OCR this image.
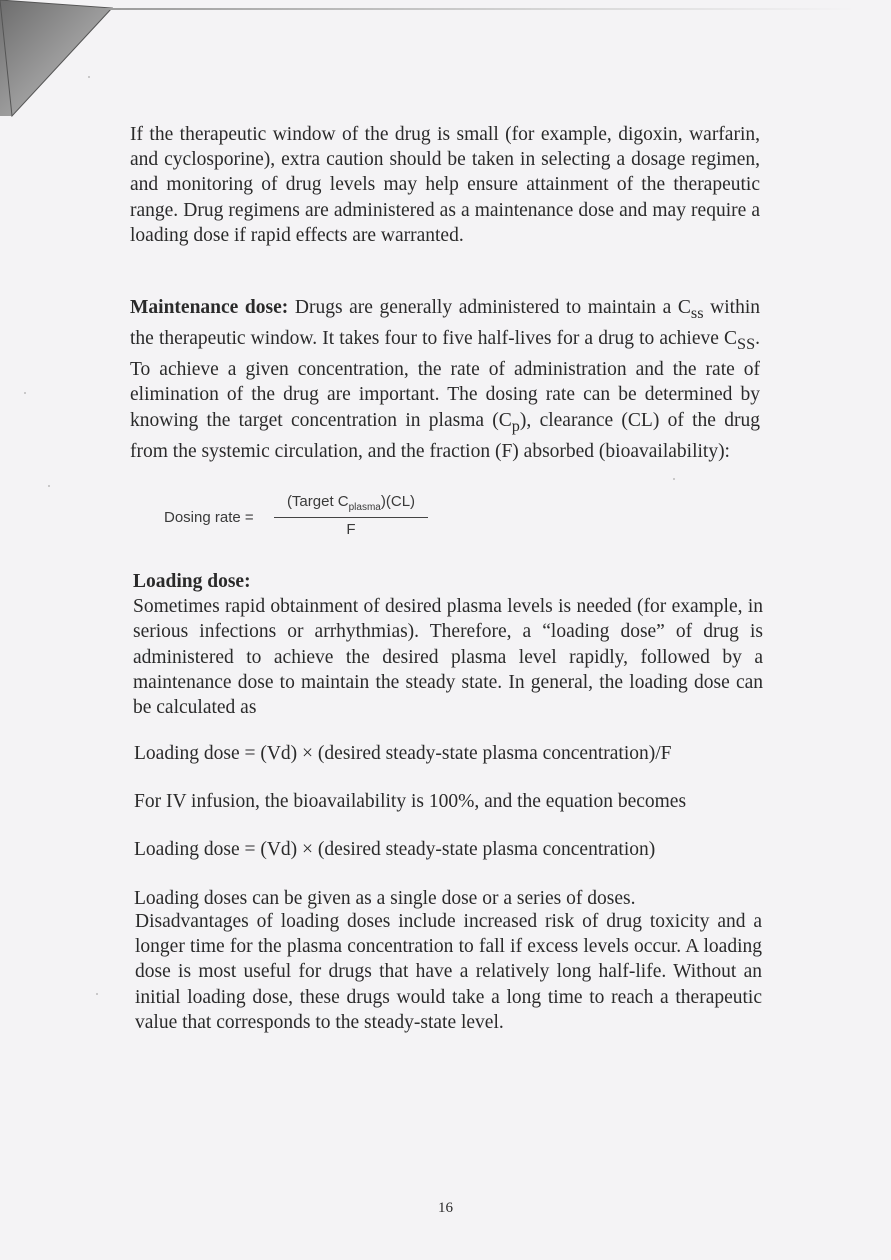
If the therapeutic window of the drug is small (for example, digoxin, warfarin, and cyclosporine), extra caution should be taken in selecting a dosage regimen, and monitoring of drug levels may help ensure attainment of the therapeutic range. Drug regimens are administered as a maintenance dose and may require a loading dose if rapid effects are warranted.

Maintenance dose: Drugs are generally administered to maintain a $C_{ss}$ within the therapeutic window. It takes four to five half-lives for a drug to achieve $C_{SS}$. To achieve a given concentration, the rate of administration and the rate of elimination of the drug are important. The dosing rate can be determined by knowing the target concentration in plasma $(C_p)$, clearance (CL) of the drug from the systemic circulation, and the fraction (F) absorbed (bioavailability):

Dosing rate =
(Target $C_{plasma})(CL)$
F

Loading dose:

Sometimes rapid obtainment of desired plasma levels is needed (for example, in serious infections or arrhythmias). Therefore, a “loading dose” of drug is administered to achieve the desired plasma level rapidly, followed by a maintenance dose to maintain the steady state. In general, the loading dose can be calculated as

Loading dose = (Vd) × (desired steady-state plasma concentration)/F
For IV infusion, the bioavailability is 100%, and the equation becomes
Loading dose = (Vd) × (desired steady-state plasma concentration)
Loading doses can be given as a single dose or a series of doses.

Disadvantages of loading doses include increased risk of drug toxicity and a longer time for the plasma concentration to fall if excess levels occur. A loading dose is most useful for drugs that have a relatively long half-life. Without an initial loading dose, these drugs would take a long time to reach a therapeutic value that corresponds to the steady-state level.

16
